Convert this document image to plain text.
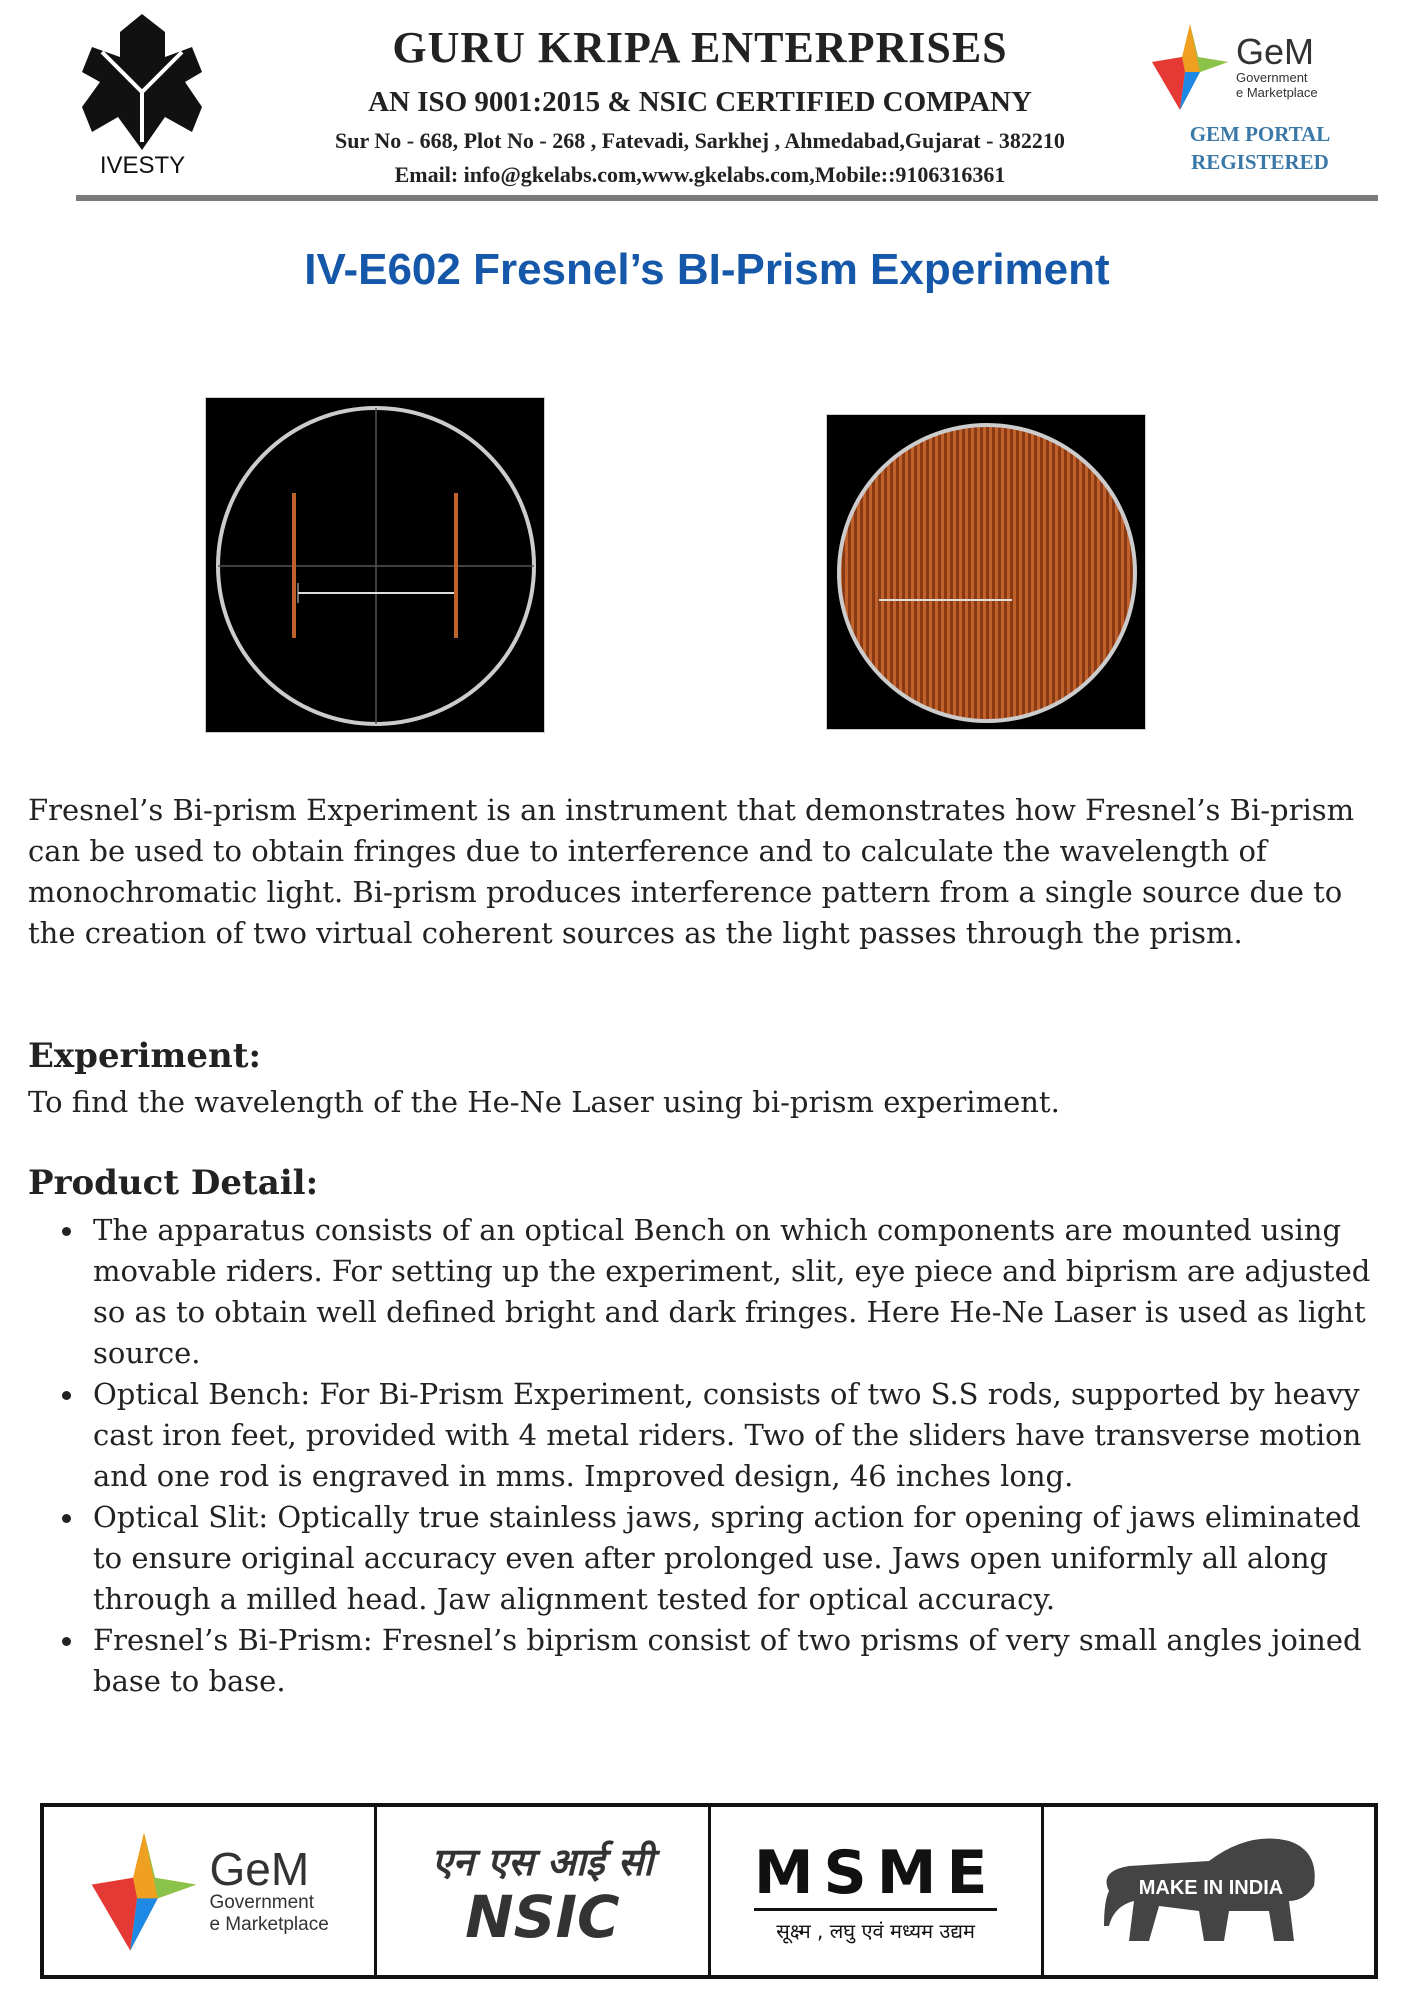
IVESTY
GURU KRIPA ENTERPRISES
AN ISO 9001:2015 & NSIC CERTIFIED COMPANY
Sur No - 668, Plot No - 268 , Fatevadi, Sarkhej , Ahmedabad,Gujarat - 382210
Email: info@gkelabs.com,www.gkelabs.com,Mobile::9106316361
GeM
Government
e Marketplace
GEM PORTAL
REGISTERED
IV-E602 Fresnel’s BI-Prism Experiment
Fresnel’s Bi-prism Experiment is an instrument that demonstrates how Fresnel’s Bi-prism can be used to obtain fringes due to interference and to calculate the wavelength of monochromatic light. Bi-prism produces interference pattern from a single source due to the creation of two virtual coherent sources as the light passes through the prism.
Experiment:
To find the wavelength of the He-Ne Laser using bi-prism experiment.
Product Detail:
The apparatus consists of an optical Bench on which components are mounted using movable riders. For setting up the experiment, slit, eye piece and biprism are adjusted so as to obtain well defined bright and dark fringes. Here He-Ne Laser is used as light source.
Optical Bench: For Bi-Prism Experiment, consists of two S.S rods, supported by heavy cast iron feet, provided with 4 metal riders. Two of the sliders have transverse motion and one rod is engraved in mms. Improved design, 46 inches long.
Optical Slit: Optically true stainless jaws, spring action for opening of jaws eliminated to ensure original accuracy even after prolonged use. Jaws open uniformly all along through a milled head. Jaw alignment tested for optical accuracy.
Fresnel’s Bi-Prism: Fresnel’s biprism consist of two prisms of very small angles joined base to base.
GeM
Government
e Marketplace
एन एस आई सी
NSIC
MSME
सूक्ष्म , लघु एवं मध्यम उद्यम
MAKE IN INDIA
